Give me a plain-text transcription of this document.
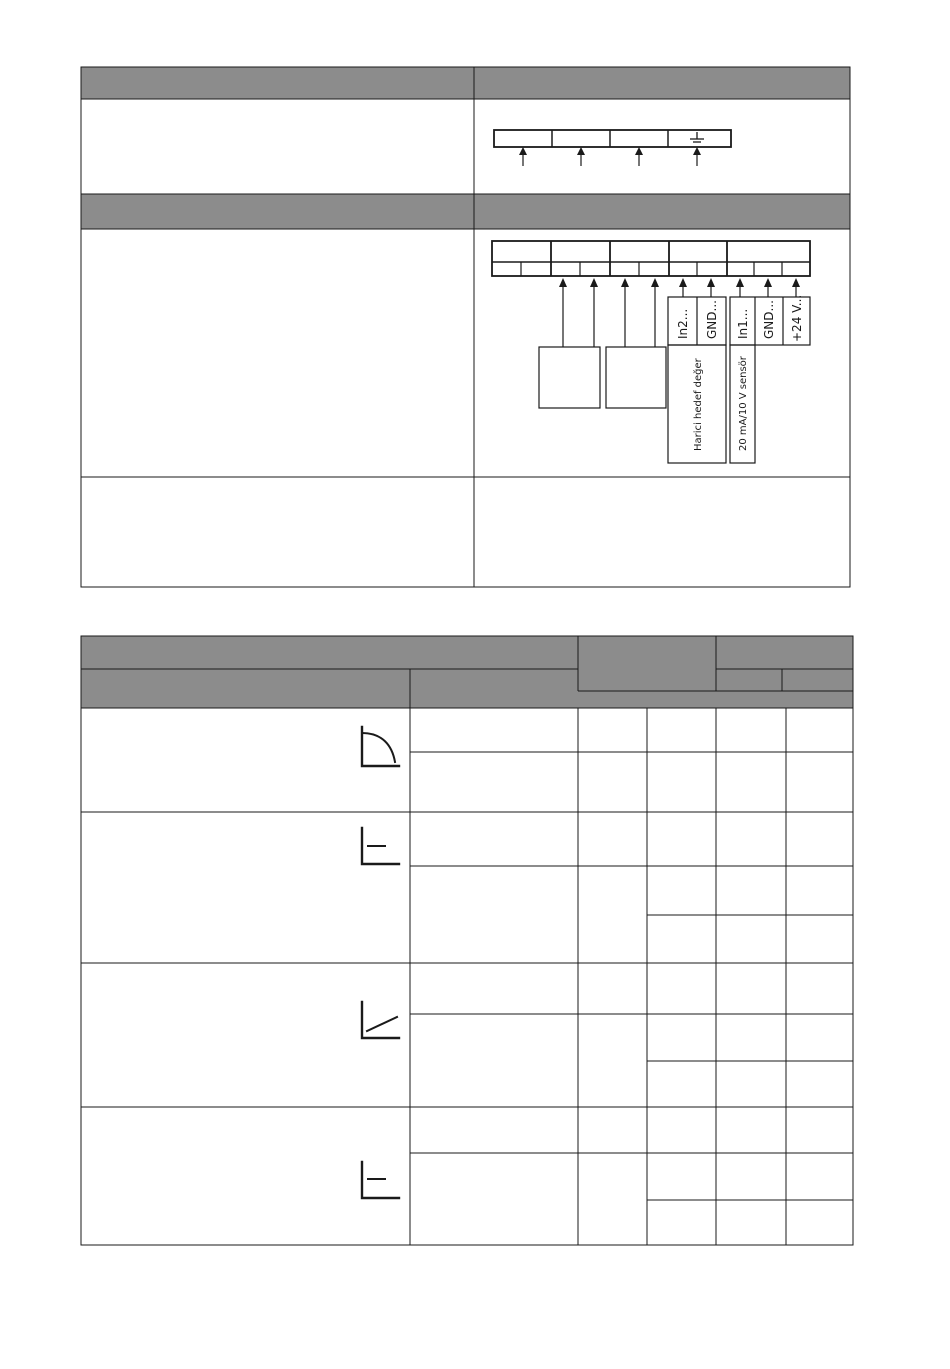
In2... GND... In1... GND... +24 V...
Harici hedef değer	20 mA/10 V sensör
